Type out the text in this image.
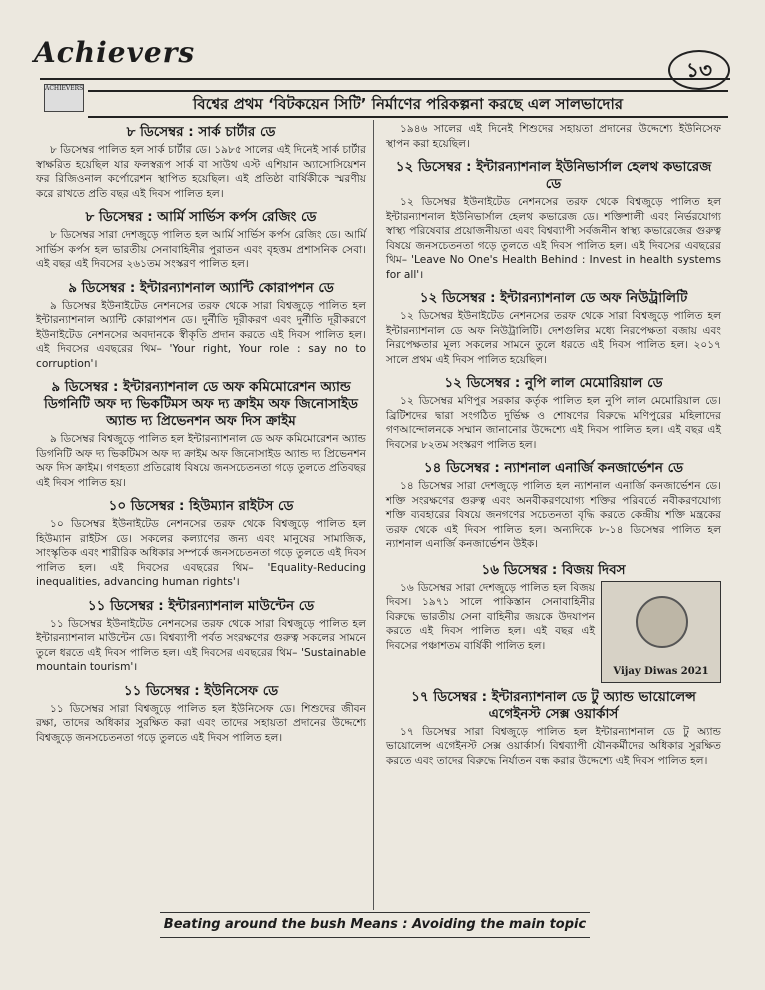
Achievers
১৩
ACHIEVERS
বিশ্বের প্রথম ‘বিটকয়েন সিটি’ নির্মাণের পরিকল্পনা করছে এল সালভাদোর
৮ ডিসেম্বর : সার্ক চার্টার ডে

৮ ডিসেম্বর পালিত হল সার্ক চার্টার ডে। ১৯৮৫ সালের এই দিনেই সার্ক চার্টার স্বাক্ষরিত হয়েছিল যার ফলস্বরূপ সার্ক বা সাউথ এস্ট এশিয়ান অ্যাসোসিয়েশন ফর রিজিওনাল কর্পোরেশন স্থাপিত হয়েছিল। এই প্রতিষ্ঠা বার্ষিকীকে স্মরণীয় করে রাখতে প্রতি বছর এই দিবস পালিত হল।

৮ ডিসেম্বর : আর্মি সার্ভিস কর্পস রেজিং ডে

৮ ডিসেম্বর সারা দেশজুড়ে পালিত হল আর্মি সার্ভিস কর্পস রেজিং ডে। আর্মি সার্ভিস কর্পস হল ভারতীয় সেনাবাহিনীর পুরাতন এবং বৃহত্তম প্রশাসনিক সেবা। এই বছর এই দিবসের ২৬১তম সংস্করণ পালিত হল।

৯ ডিসেম্বর : ইন্টারন্যাশনাল অ্যান্টি কোরাপশন ডে

৯ ডিসেম্বর ইউনাইটেড নেশনসের তরফ থেকে সারা বিশ্বজুড়ে পালিত হল ইন্টারন্যাশনাল অ্যান্টি কোরাপশন ডে। দুর্নীতি দূরীকরণ এবং দুর্নীতি দূরীকরণে ইউনাইটেড নেশনসের অবদানকে স্বীকৃতি প্রদান করতে এই দিবস পালিত হল। এই দিবসের এবছরের থিম– 'Your right, Your role : say no to corruption'।

৯ ডিসেম্বর : ইন্টারন্যাশনাল ডে অফ কমিমোরেশন অ্যান্ড ডিগনিটি অফ দ্য ভিকটিমস অফ দ্য ক্রাইম অফ জিনোসাইড অ্যান্ড দ্য প্রিভেনশন অফ দিস ক্রাইম

৯ ডিসেম্বর বিশ্বজুড়ে পালিত হল ইন্টারন্যাশনাল ডে অফ কমিমোরেশন অ্যান্ড ডিগনিটি অফ দ্য ভিকটিমস অফ দ্য ক্রাইম অফ জিনোসাইড অ্যান্ড দ্য প্রিভেনশন অফ দিস ক্রাইম। গণহত্যা প্রতিরোধ বিষয়ে জনসচেতনতা গড়ে তুলতে প্রতিবছর এই দিবস পালিত হয়।

১০ ডিসেম্বর : হিউম্যান রাইটস ডে

১০ ডিসেম্বর ইউনাইটেড নেশনসের তরফ থেকে বিশ্বজুড়ে পালিত হল হিউম্যান রাইটস ডে। সকলের কল্যাণের জন্য এবং মানুষের সামাজিক, সাংস্কৃতিক এবং শারীরিক অধিকার সম্পর্কে জনসচেতনতা গড়ে তুলতে এই দিবস পালিত হল। এই দিবসের এবছরের থিম– 'Equality-Reducing inequalities, advancing human rights'।

১১ ডিসেম্বর : ইন্টারন্যাশনাল মাউন্টেন ডে

১১ ডিসেম্বর ইউনাইটেড নেশনসের তরফ থেকে সারা বিশ্বজুড়ে পালিত হল ইন্টারন্যাশনাল মাউন্টেন ডে। বিশ্বব্যাপী পর্বত সংরক্ষণের গুরুত্ব সকলের সামনে তুলে ধরতে এই দিবস পালিত হল। এই দিবসের এবছরের থিম– 'Sustainable mountain tourism'।

১১ ডিসেম্বর : ইউনিসেফ ডে

১১ ডিসেম্বর সারা বিশ্বজুড়ে পালিত হল ইউনিসেফ ডে। শিশুদের জীবন রক্ষা, তাদের অধিকার সুরক্ষিত করা এবং তাদের সহায়তা প্রদানের উদ্দেশ্যে বিশ্বজুড়ে জনসচেতনতা গড়ে তুলতে এই দিবস পালিত হল।

১৯৪৬ সালের এই দিনেই শিশুদের সহায়তা প্রদানের উদ্দেশ্যে ইউনিসেফ স্থাপন করা হয়েছিল।

১২ ডিসেম্বর : ইন্টারন্যাশনাল ইউনিভার্সাল হেলথ কভারেজ ডে

১২ ডিসেম্বর ইউনাইটেড নেশনসের তরফ থেকে বিশ্বজুড়ে পালিত হল ইন্টারন্যাশনাল ইউনিভার্সাল হেলথ কভারেজ ডে। শক্তিশালী এবং নির্ভরযোগ্য স্বাস্থ্য পরিষেবার প্রয়োজনীয়তা এবং বিশ্বব্যাপী সর্বজনীন স্বাস্থ্য কভারেজের গুরুত্ব বিষয়ে জনসচেতনতা গড়ে তুলতে এই দিবস পালিত হল। এই দিবসের এবছরের থিম– 'Leave No One's Health Behind : Invest in health systems for all'।

১২ ডিসেম্বর : ইন্টারন্যাশনাল ডে অফ নিউট্রালিটি

১২ ডিসেম্বর ইউনাইটেড নেশনসের তরফ থেকে সারা বিশ্বজুড়ে পালিত হল ইন্টারন্যাশনাল ডে অফ নিউট্রালিটি। দেশগুলির মধ্যে নিরপেক্ষতা বজায় এবং নিরপেক্ষতার মূল্য সকলের সামনে তুলে ধরতে এই দিবস পালিত হল। ২০১৭ সালে প্রথম এই দিবস পালিত হয়েছিল।

১২ ডিসেম্বর : নুপি লাল মেমোরিয়াল ডে

১২ ডিসেম্বর মণিপুর সরকার কর্তৃক পালিত হল নুপি লাল মেমোরিয়াল ডে। ব্রিটিশদের দ্বারা সংগঠিত দুর্ভিক্ষ ও শোষণের বিরুদ্ধে মণিপুরের মহিলাদের গণআন্দোলনকে সম্মান জানানোর উদ্দেশ্যে এই দিবস পালিত হল। এই বছর এই দিবসের ৮২তম সংস্করণ পালিত হল।

১৪ ডিসেম্বর : ন্যাশনাল এনার্জি কনজার্ভেশন ডে

১৪ ডিসেম্বর সারা দেশজুড়ে পালিত হল ন্যাশনাল এনার্জি কনজার্ভেশন ডে। শক্তি সংরক্ষণের গুরুত্ব এবং অনবীকরণযোগ্য শক্তির পরিবর্তে নবীকরণযোগ্য শক্তি ব্যবহারের বিষয়ে জনগণের সচেতনতা বৃদ্ধি করতে কেন্দ্রীয় শক্তি মন্ত্রকের তরফ থেকে এই দিবস পালিত হল। অন্যদিকে ৮-১৪ ডিসেম্বর পালিত হল ন্যাশনাল এনার্জি কনজার্ভেশন উইক।

১৬ ডিসেম্বর : বিজয় দিবস
Vijay Diwas 2021

১৬ ডিসেম্বর সারা দেশজুড়ে পালিত হল বিজয় দিবস। ১৯৭১ সালে পাকিস্তান সেনাবাহিনীর বিরুদ্ধে ভারতীয় সেনা বাহিনীর জয়কে উদযাপন করতে এই দিবস পালিত হল। এই বছর এই দিবসের পঞ্চাশতম বার্ষিকী পালিত হল।

১৭ ডিসেম্বর : ইন্টারন্যাশনাল ডে টু অ্যান্ড ভায়োলেন্স এগেইনস্ট সেক্স ওয়ার্কার্স

১৭ ডিসেম্বর সারা বিশ্বজুড়ে পালিত হল ইন্টারন্যাশনাল ডে টু অ্যান্ড ভায়োলেন্স এগেইনস্ট সেক্স ওয়ার্কার্স। বিশ্বব্যাপী যৌনকর্মীদের অধিকার সুরক্ষিত করতে এবং তাদের বিরুদ্ধে নির্যাতন বন্ধ করার উদ্দেশ্যে এই দিবস পালিত হল।

Beating around the bush Means : Avoiding the main topic
